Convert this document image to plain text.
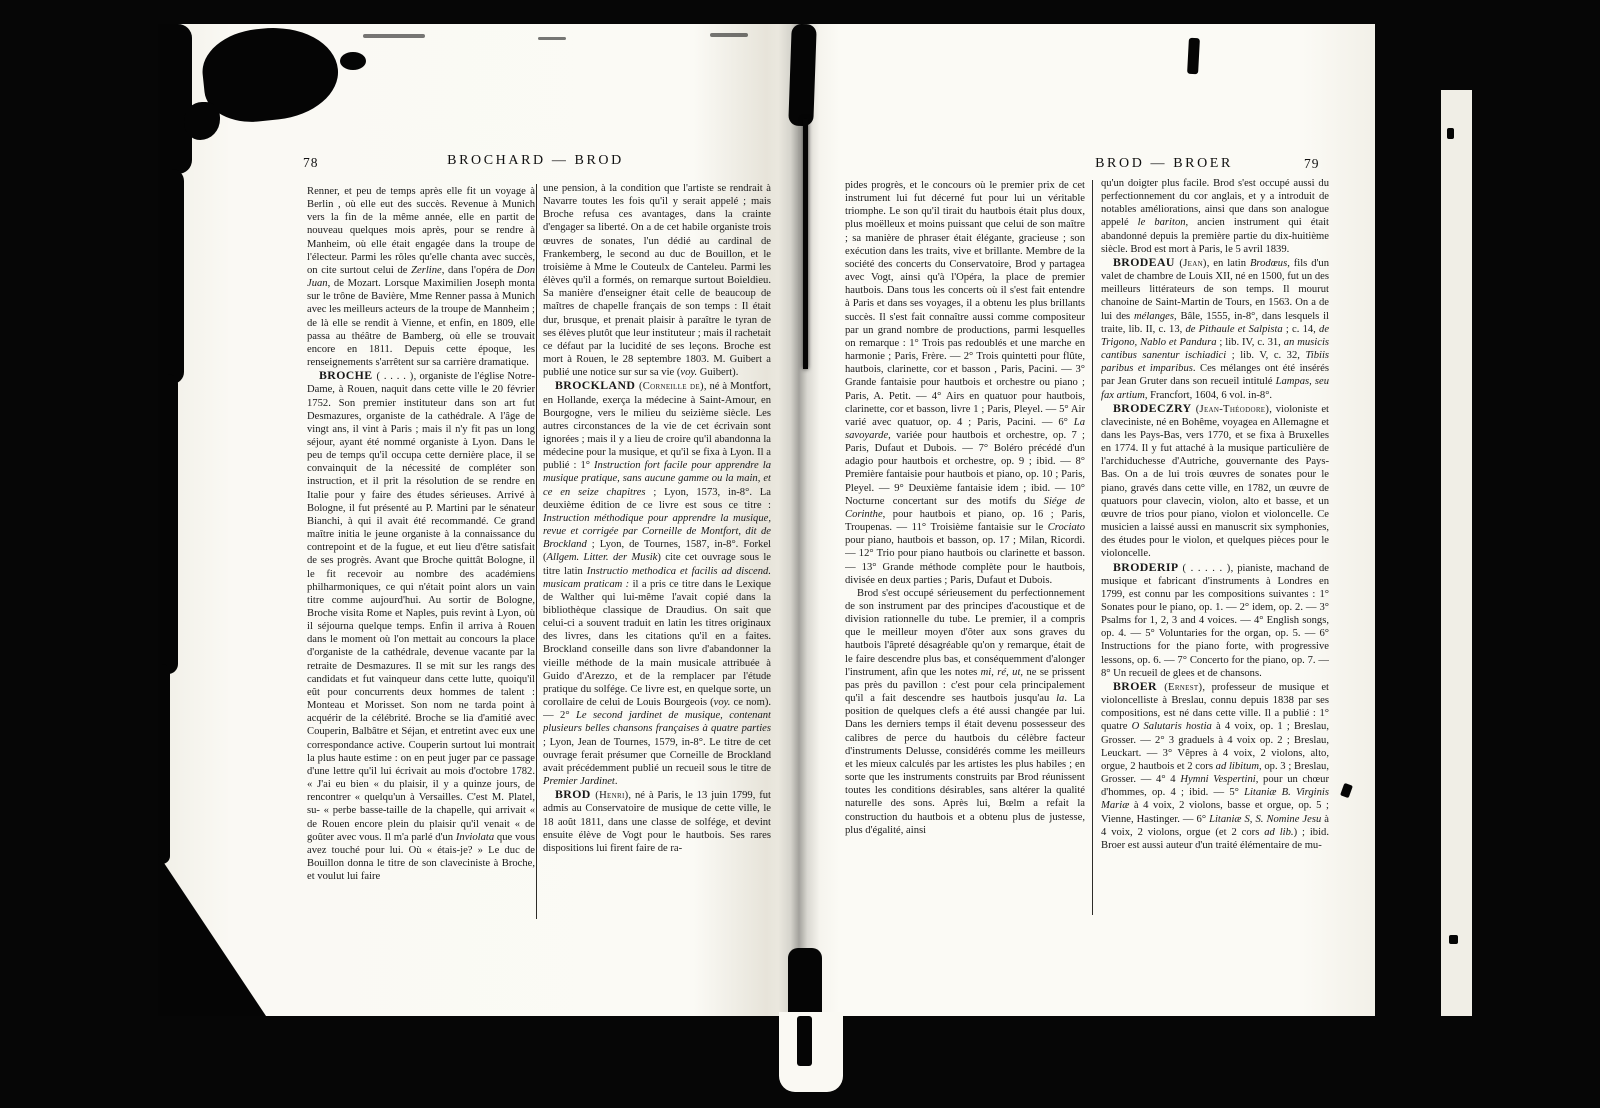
78	BROCHARD — BROD	BROD — BROER	79

Renner, et peu de temps après elle fit un voyage à Berlin , où elle eut des succès. Revenue à Munich vers la fin de la même année, elle en partit de nouveau quelques mois après, pour se rendre à Manheim, où elle était engagée dans la troupe de l'électeur. Parmi les rôles qu'elle chanta avec succès, on cite surtout celui de Zerline, dans l'opéra de Don Juan, de Mozart. Lorsque Maximilien Joseph monta sur le trône de Bavière, Mme Renner passa à Munich avec les meilleurs acteurs de la troupe de Mannheim ; de là elle se rendit à Vienne, et enfin, en 1809, elle passa au théâtre de Bamberg, où elle se trouvait encore en 1811. Depuis cette époque, les renseignements s'arrêtent sur sa carrière dramatique.

BROCHE ( . . . . ), organiste de l'église Notre-Dame, à Rouen, naquit dans cette ville le 20 février 1752. Son premier instituteur dans son art fut Desmazures, organiste de la cathédrale. A l'âge de vingt ans, il vint à Paris ; mais il n'y fit pas un long séjour, ayant été nommé organiste à Lyon. Dans le peu de temps qu'il occupa cette dernière place, il se convainquit de la nécessité de compléter son instruction, et il prit la résolution de se rendre en Italie pour y faire des études sérieuses. Arrivé à Bologne, il fut présenté au P. Martini par le sénateur Bianchi, à qui il avait été recommandé. Ce grand maître initia le jeune organiste à la connaissance du contrepoint et de la fugue, et eut lieu d'être satisfait de ses progrès. Avant que Broche quittât Bologne, il le fit recevoir au nombre des académiens philharmoniques, ce qui n'était point alors un vain titre comme aujourd'hui. Au sortir de Bologne, Broche visita Rome et Naples, puis revint à Lyon, où il séjourna quelque temps. Enfin il arriva à Rouen dans le moment où l'on mettait au concours la place d'organiste de la cathédrale, devenue vacante par la retraite de Desmazures. Il se mit sur les rangs des candidats et fut vainqueur dans cette lutte, quoiqu'il eût pour concurrents deux hommes de talent : Monteau et Morisset. Son nom ne tarda point à acquérir de la célébrité. Broche se lia d'amitié avec Couperin, Balbâtre et Séjan, et entretint avec eux une correspondance active. Couperin surtout lui montrait la plus haute estime : on en peut juger par ce passage d'une lettre qu'il lui écrivait au mois d'octobre 1782. « J'ai eu bien « du plaisir, il y a quinze jours, de rencontrer « quelqu'un à Versailles. C'est M. Platel, su- « perbe basse-taille de la chapelle, qui arrivait « de Rouen encore plein du plaisir qu'il venait « de goûter avec vous. Il m'a parlé d'un Inviolata que vous avez touché pour lui. Où « étais-je? » Le duc de Bouillon donna le titre de son claveciniste à Broche, et voulut lui faire

une pension, à la condition que l'artiste se rendrait à Navarre toutes les fois qu'il y serait appelé ; mais Broche refusa ces avantages, dans la crainte d'engager sa liberté. On a de cet habile organiste trois œuvres de sonates, l'un dédié au cardinal de Frankemberg, le second au duc de Bouillon, et le troisième à Mme le Couteulx de Canteleu. Parmi les élèves qu'il a formés, on remarque surtout Boieldieu. Sa manière d'enseigner était celle de beaucoup de maîtres de chapelle français de son temps : Il était dur, brusque, et prenait plaisir à paraître le tyran de ses élèves plutôt que leur instituteur ; mais il rachetait ce défaut par la lucidité de ses leçons. Broche est mort à Rouen, le 28 septembre 1803. M. Guibert a publié une notice sur sur sa vie (voy. Guibert).

BROCKLAND (Corneille de), né à Montfort, en Hollande, exerça la médecine à Saint-Amour, en Bourgogne, vers le milieu du seizième siècle. Les autres circonstances de la vie de cet écrivain sont ignorées ; mais il y a lieu de croire qu'il abandonna la médecine pour la musique, et qu'il se fixa à Lyon. Il a publié : 1° Instruction fort facile pour apprendre la musique pratique, sans aucune gamme ou la main, et ce en seize chapitres ; Lyon, 1573, in-8°. La deuxième édition de ce livre est sous ce titre : Instruction méthodique pour apprendre la musique, revue et corrigée par Corneille de Montfort, dit de Brockland ; Lyon, de Tournes, 1587, in-8°. Forkel (Allgem. Litter. der Musik) cite cet ouvrage sous le titre latin Instructio methodica et facilis ad discend. musicam praticam : il a pris ce titre dans le Lexique de Walther qui lui-même l'avait copié dans la bibliothèque classique de Draudius. On sait que celui-ci a souvent traduit en latin les titres originaux des livres, dans les citations qu'il en a faites. Brockland conseille dans son livre d'abandonner la vieille méthode de la main musicale attribuée à Guido d'Arezzo, et de la remplacer par l'étude pratique du solfége. Ce livre est, en quelque sorte, un corollaire de celui de Louis Bourgeois (voy. ce nom). — 2° Le second jardinet de musique, contenant plusieurs belles chansons françaises à quatre parties ; Lyon, Jean de Tournes, 1579, in-8°. Le titre de cet ouvrage ferait présumer que Corneille de Brockland avait précédemment publié un recueil sous le titre de Premier Jardinet.

BROD (Henri), né à Paris, le 13 juin 1799, fut admis au Conservatoire de musique de cette ville, le 18 août 1811, dans une classe de solfége, et devint ensuite élève de Vogt pour le hautbois. Ses rares dispositions lui firent faire de ra-

pides progrès, et le concours où le premier prix de cet instrument lui fut décerné fut pour lui un véritable triomphe. Le son qu'il tirait du hautbois était plus doux, plus moëlleux et moins puissant que celui de son maître ; sa manière de phraser était élégante, gracieuse ; son exécution dans les traits, vive et brillante. Membre de la société des concerts du Conservatoire, Brod y partagea avec Vogt, ainsi qu'à l'Opéra, la place de premier hautbois. Dans tous les concerts où il s'est fait entendre à Paris et dans ses voyages, il a obtenu les plus brillants succès. Il s'est fait connaître aussi comme compositeur par un grand nombre de productions, parmi lesquelles on remarque : 1° Trois pas redoublés et une marche en harmonie ; Paris, Frère. — 2° Trois quintetti pour flûte, hautbois, clarinette, cor et basson , Paris, Pacini. — 3° Grande fantaisie pour hautbois et orchestre ou piano ; Paris, A. Petit. — 4° Airs en quatuor pour hautbois, clarinette, cor et basson, livre 1 ; Paris, Pleyel. — 5° Air varié avec quatuor, op. 4 ; Paris, Pacini. — 6° La savoyarde, variée pour hautbois et orchestre, op. 7 ; Paris, Dufaut et Dubois. — 7° Boléro précédé d'un adagio pour hautbois et orchestre, op. 9 ; ibid. — 8° Première fantaisie pour hautbois et piano, op. 10 ; Paris, Pleyel. — 9° Deuxième fantaisie idem ; ibid. — 10° Nocturne concertant sur des motifs du Siége de Corinthe, pour hautbois et piano, op. 16 ; Paris, Troupenas. — 11° Troisième fantaisie sur le Crociato pour piano, hautbois et basson, op. 17 ; Milan, Ricordi. — 12° Trio pour piano hautbois ou clarinette et basson. — 13° Grande méthode complète pour le hautbois, divisée en deux parties ; Paris, Dufaut et Dubois.

Brod s'est occupé sérieusement du perfectionnement de son instrument par des principes d'acoustique et de division rationnelle du tube. Le premier, il a compris que le meilleur moyen d'ôter aux sons graves du hautbois l'âpreté désagréable qu'on y remarque, était de le faire descendre plus bas, et conséquemment d'alonger l'instrument, afin que les notes mi, ré, ut, ne se prissent pas près du pavillon : c'est pour cela principalement qu'il a fait descendre ses hautbois jusqu'au la. La position de quelques clefs a été aussi changée par lui. Dans les derniers temps il était devenu possesseur des calibres de perce du hautbois du célèbre facteur d'instruments Delusse, considérés comme les meilleurs et les mieux calculés par les artistes les plus habiles ; en sorte que les instruments construits par Brod réunissent toutes les conditions désirables, sans altérer la qualité naturelle des sons. Après lui, Bœlm a refait la construction du hautbois et a obtenu plus de justesse, plus d'égalité, ainsi

qu'un doigter plus facile. Brod s'est occupé aussi du perfectionnement du cor anglais, et y a introduit de notables améliorations, ainsi que dans son analogue appelé le bariton, ancien instrument qui était abandonné depuis la première partie du dix-huitième siècle. Brod est mort à Paris, le 5 avril 1839.

BRODEAU (Jean), en latin Brodœus, fils d'un valet de chambre de Louis XII, né en 1500, fut un des meilleurs littérateurs de son temps. Il mourut chanoine de Saint-Martin de Tours, en 1563. On a de lui des mélanges, Bâle, 1555, in-8°, dans lesquels il traite, lib. II, c. 13, de Pithaule et Salpista ; c. 14, de Trigono, Nablo et Pandura ; lib. IV, c. 31, an musicis cantibus sanentur ischiadici ; lib. V, c. 32, Tibiis paribus et imparibus. Ces mélanges ont été insérés par Jean Gruter dans son recueil intitulé Lampas, seu fax artium, Francfort, 1604, 6 vol. in-8°.

BRODECZRY (Jean-Théodore), violoniste et claveciniste, né en Bohême, voyagea en Allemagne et dans les Pays-Bas, vers 1770, et se fixa à Bruxelles en 1774. Il y fut attaché à la musique particulière de l'archiduchesse d'Autriche, gouvernante des Pays-Bas. On a de lui trois œuvres de sonates pour le piano, gravés dans cette ville, en 1782, un œuvre de quatuors pour clavecin, violon, alto et basse, et un œuvre de trios pour piano, violon et violoncelle. Ce musicien a laissé aussi en manuscrit six symphonies, des études pour le violon, et quelques pièces pour le violoncelle.

BRODERIP ( . . . . . ), pianiste, machand de musique et fabricant d'instruments à Londres en 1799, est connu par les compositions suivantes : 1° Sonates pour le piano, op. 1. — 2° idem, op. 2. — 3° Psalms for 1, 2, 3 and 4 voices. — 4° English songs, op. 4. — 5° Voluntaries for the organ, op. 5. — 6° Instructions for the piano forte, with progressive lessons, op. 6. — 7° Concerto for the piano, op. 7. — 8° Un recueil de glees et de chansons.

BROER (Ernest), professeur de musique et violoncelliste à Breslau, connu depuis 1838 par ses compositions, est né dans cette ville. Il a publié : 1° quatre O Salutaris hostia à 4 voix, op. 1 ; Breslau, Grosser. — 2° 3 graduels à 4 voix op. 2 ; Breslau, Leuckart. — 3° Vêpres à 4 voix, 2 violons, alto, orgue, 2 hautbois et 2 cors ad libitum, op. 3 ; Breslau, Grosser. — 4° 4 Hymni Vespertini, pour un chœur d'hommes, op. 4 ; ibid. — 5° Litaniæ B. Virginis Mariæ à 4 voix, 2 violons, basse et orgue, op. 5 ; Vienne, Hastinger. — 6° Litaniæ S, S. Nomine Jesu à 4 voix, 2 violons, orgue (et 2 cors ad lib.) ; ibid. Broer est aussi auteur d'un traité élémentaire de mu-
